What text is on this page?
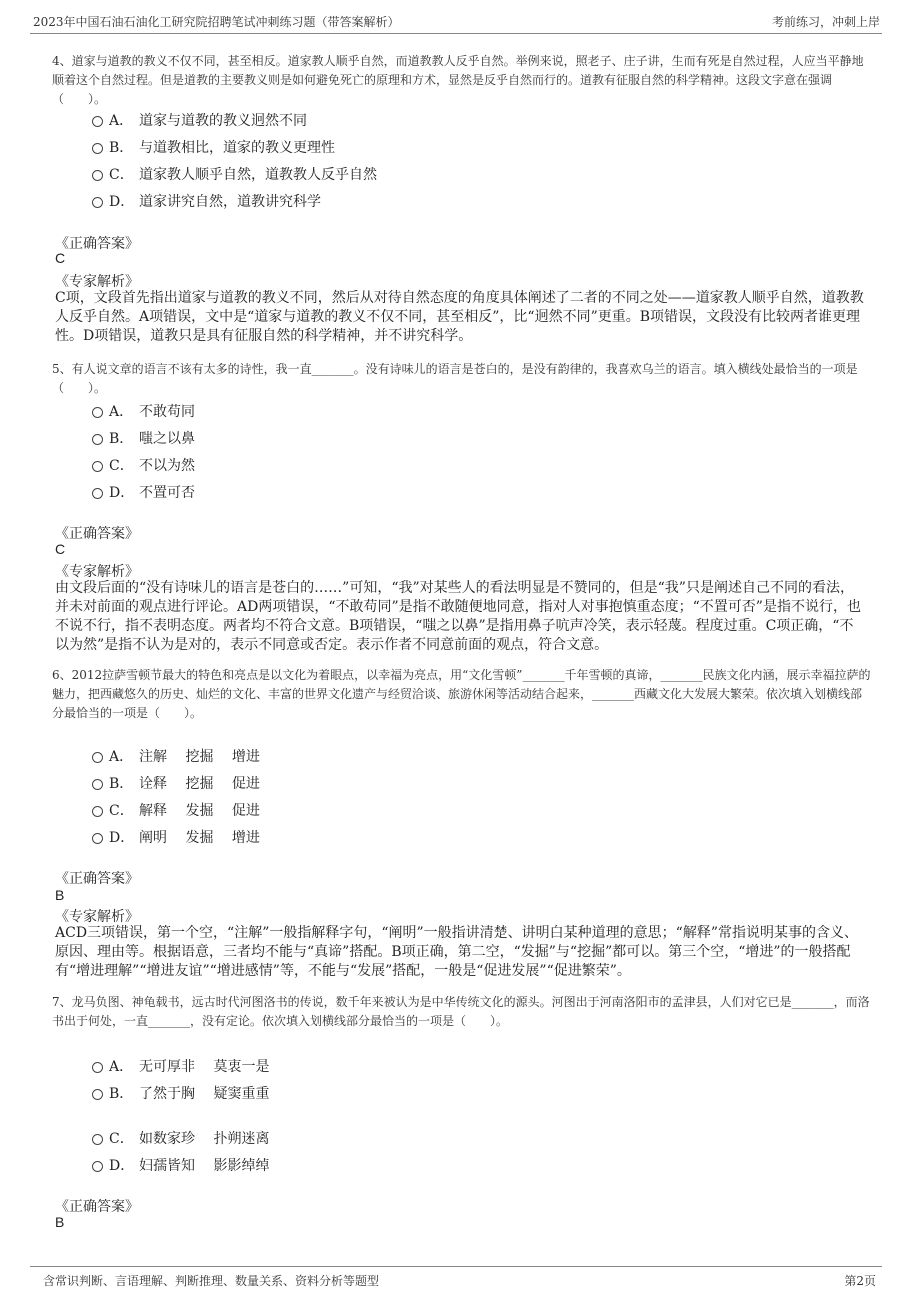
2023年中国石油石油化工研究院招聘笔试冲刺练习题（带答案解析）	考前练习，冲刺上岸
4、道家与道教的教义不仅不同，甚至相反。道家教人顺乎自然，而道教教人反乎自然。举例来说，照老子、庄子讲，生而有死是自然过程，人应当平静地顺着这个自然过程。但是道教的主要教义则是如何避免死亡的原理和方术，显然是反乎自然而行的。道教有征服自然的科学精神。这段文字意在强调（　　）。
A． 道家与道教的教义迥然不同
B． 与道教相比，道家的教义更理性
C． 道家教人顺乎自然，道教教人反乎自然
D． 道家讲究自然，道教讲究科学
《正确答案》
C
《专家解析》
C项，文段首先指出道家与道教的教义不同，然后从对待自然态度的角度具体阐述了二者的不同之处——道家教人顺乎自然，道教教人反乎自然。A项错误，文中是“道家与道教的教义不仅不同，甚至相反”，比“迥然不同”更重。B项错误，文段没有比较两者谁更理性。D项错误，道教只是具有征服自然的科学精神，并不讲究科学。
5、有人说文章的语言不该有太多的诗性，我一直_______。没有诗味儿的语言是苍白的，是没有韵律的，我喜欢乌兰的语言。填入横线处最恰当的一项是（　　）。
A． 不敢苟同
B． 嗤之以鼻
C． 不以为然
D． 不置可否
《正确答案》
C
《专家解析》
由文段后面的“没有诗味儿的语言是苍白的……”可知，“我”对某些人的看法明显是不赞同的，但是“我”只是阐述自己不同的看法，并未对前面的观点进行评论。AD两项错误，“不敢苟同”是指不敢随便地同意，指对人对事抱慎重态度；“不置可否”是指不说行，也不说不行，指不表明态度。两者均不符合文意。B项错误，“嗤之以鼻”是指用鼻子吭声冷笑，表示轻蔑。程度过重。C项正确，“不以为然”是指不认为是对的，表示不同意或否定。表示作者不同意前面的观点，符合文意。
6、2012拉萨雪顿节最大的特色和亮点是以文化为着眼点，以幸福为亮点，用“文化雪顿”_______千年雪顿的真谛，_______民族文化内涵，展示幸福拉萨的魅力，把西藏悠久的历史、灿烂的文化、丰富的世界文化遗产与经贸洽谈、旅游休闲等活动结合起来，_______西藏文化大发展大繁荣。依次填入划横线部分最恰当的一项是（　　）。
A． 注解　 挖掘　 增进
B． 诠释　 挖掘　 促进
C． 解释　 发掘　 促进
D． 阐明　 发掘　 增进
《正确答案》
B
《专家解析》
ACD三项错误，第一个空，“注解”一般指解释字句，“阐明”一般指讲清楚、讲明白某种道理的意思；“解释”常指说明某事的含义、原因、理由等。根据语意，三者均不能与“真谛”搭配。B项正确，第二空，“发掘”与“挖掘”都可以。第三个空，“增进”的一般搭配有“增进理解”“增进友谊”“增进感情”等，不能与“发展”搭配，一般是“促进发展”“促进繁荣”。
7、龙马负图、神龟载书，远古时代河图洛书的传说，数千年来被认为是中华传统文化的源头。河图出于河南洛阳市的孟津县，人们对它已是_______，而洛书出于何处，一直_______，没有定论。依次填入划横线部分最恰当的一项是（　　）。
A． 无可厚非　 莫衷一是
B． 了然于胸　 疑窦重重
C． 如数家珍　 扑朔迷离
D． 妇孺皆知　 影影绰绰
《正确答案》
B
含常识判断、言语理解、判断推理、数量关系、资料分析等题型	第2页
